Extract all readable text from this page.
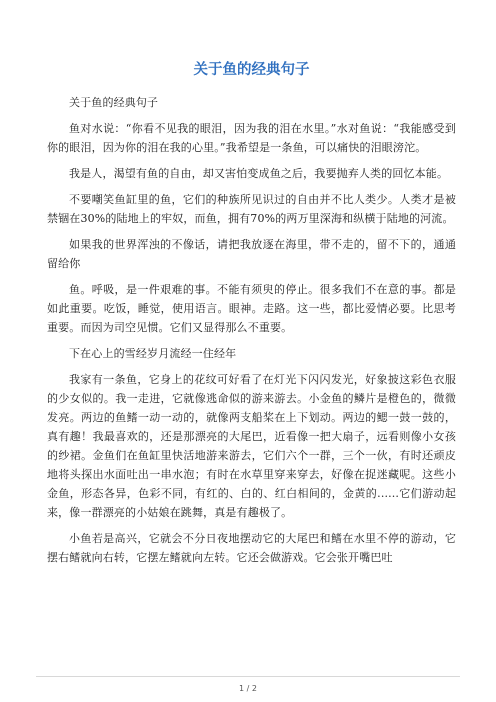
关于鱼的经典句子

关于鱼的经典句子

鱼对水说：“你看不见我的眼泪，因为我的泪在水里。”水对鱼说：“我能感受到你的眼泪，因为你的泪在我的心里。”我希望是一条鱼，可以痛快的泪眼滂沱。

我是人，渴望有鱼的自由，却又害怕变成鱼之后，我要抛弃人类的回忆本能。

不要嘲笑鱼缸里的鱼，它们的种族所见识过的自由并不比人类少。人类才是被禁锢在30%的陆地上的牢奴，而鱼，拥有70%的两万里深海和纵横于陆地的河流。

如果我的世界浑浊的不像话，请把我放逐在海里，带不走的，留不下的，通通留给你

鱼。呼吸，是一件艰难的事。不能有须臾的停止。很多我们不在意的事。都是如此重要。吃饭，睡觉，使用语言。眼神。走路。这一些，都比爱情必要。比思考重要。而因为司空见惯。它们又显得那么不重要。

下在心上的雪经岁月流经一住经年

我家有一条鱼，它身上的花纹可好看了在灯光下闪闪发光，好象披这彩色衣服的少女似的。我一走进，它就像逃命似的游来游去。小金鱼的鳞片是橙色的，微微发亮。两边的鱼鳍一动一动的，就像两支船桨在上下划动。两边的鳃一鼓一鼓的，真有趣！我最喜欢的，还是那漂亮的大尾巴，近看像一把大扇子，远看则像小女孩的纱裙。金鱼们在鱼缸里快活地游来游去，它们六个一群，三个一伙，有时还顽皮地将头探出水面吐出一串水泡；有时在水草里穿来穿去，好像在捉迷藏呢。这些小金鱼，形态各异，色彩不同，有红的、白的、红白相间的，金黄的......它们游动起来，像一群漂亮的小姑娘在跳舞，真是有趣极了。

小鱼若是高兴，它就会不分日夜地摆动它的大尾巴和鳍在水里不停的游动，它摆右鳍就向右转，它摆左鳍就向左转。它还会做游戏。它会张开嘴巴吐

1 / 2
